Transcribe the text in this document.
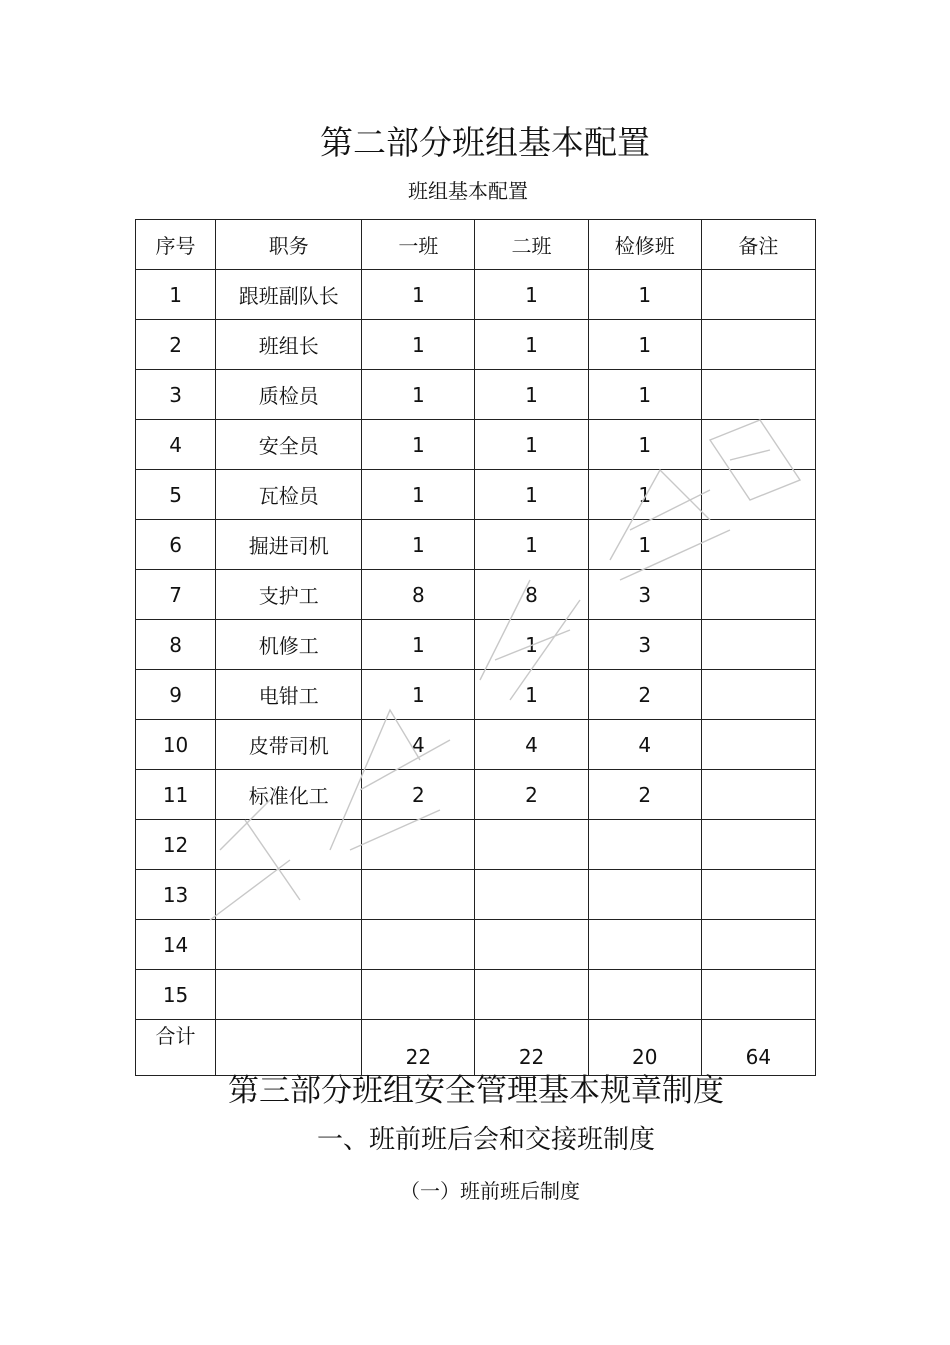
第二部分班组基本配置
班组基本配置
序号	职务	一班	二班	检修班	备注
1	跟班副队长	1	1	1	
2	班组长	1	1	1	
3	质检员	1	1	1	
4	安全员	1	1	1	
5	瓦检员	1	1	1	
6	掘进司机	1	1	1	
7	支护工	8	8	3	
8	机修工	1	1	3	
9	电钳工	1	1	2	
10	皮带司机	4	4	4	
11	标准化工	2	2	2	
12					
13					
14					
15					
合计		22	22	20	64
第三部分班组安全管理基本规章制度
一、班前班后会和交接班制度
（一）班前班后制度
